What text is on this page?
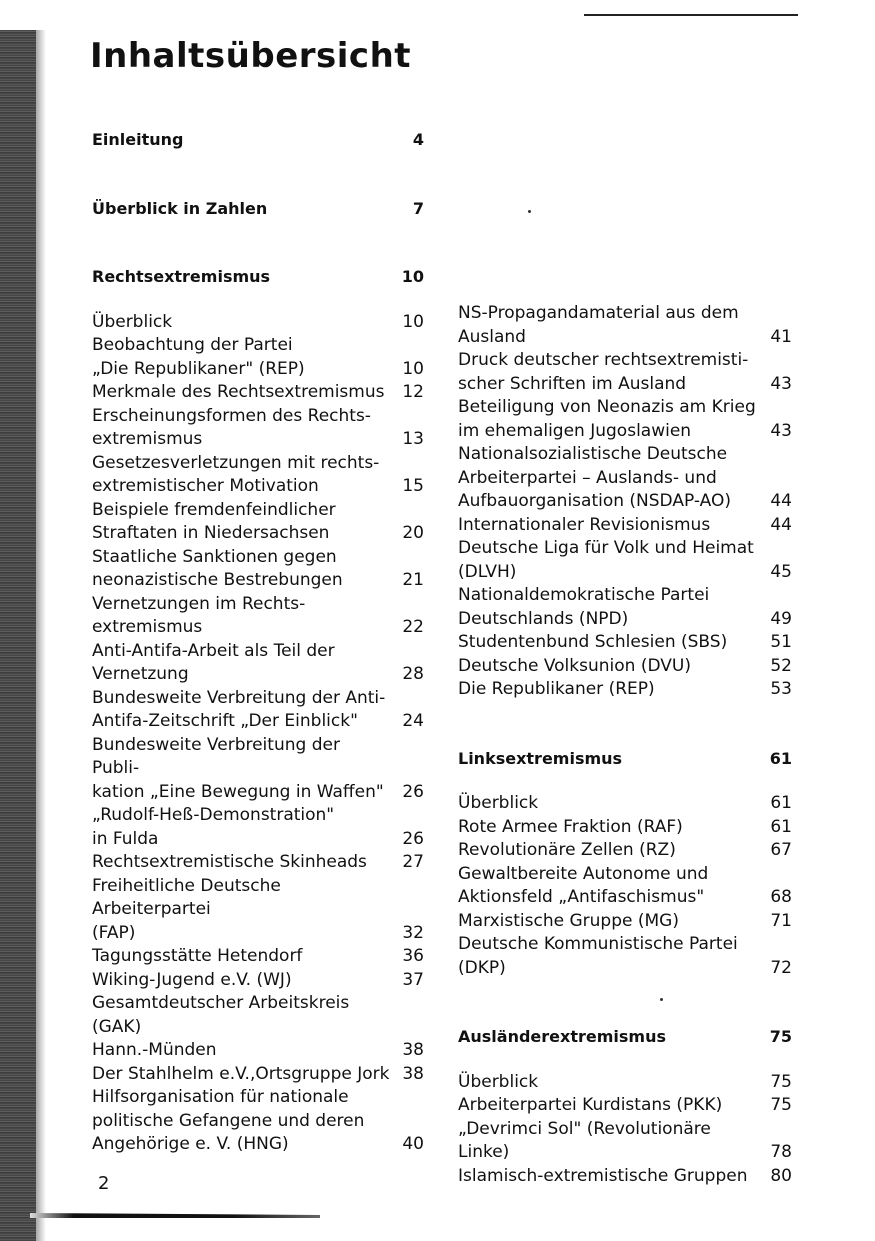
Inhaltsübersicht
Einleitung	4
Überblick in Zahlen	7
Rechtsextremismus	10
Überblick	10
Beobachtung der Partei
„Die Republikaner" (REP)	10
Merkmale des Rechtsextremismus	12
Erscheinungsformen des Rechts-
extremismus	13
Gesetzesverletzungen mit rechts-
extremistischer Motivation	15
Beispiele fremdenfeindlicher
Straftaten in Niedersachsen	20
Staatliche Sanktionen gegen
neonazistische Bestrebungen	21
Vernetzungen im Rechts-
extremismus	22
Anti-Antifa-Arbeit als Teil der
Vernetzung	28
Bundesweite Verbreitung der Anti-
Antifa-Zeitschrift „Der Einblick"	24
Bundesweite Verbreitung der Publi-
kation „Eine Bewegung in Waffen"	26
„Rudolf-Heß-Demonstration"
in Fulda	26
Rechtsextremistische Skinheads	27
Freiheitliche Deutsche Arbeiterpartei
(FAP)	32
Tagungsstätte Hetendorf	36
Wiking-Jugend e.V. (WJ)	37
Gesamtdeutscher Arbeitskreis (GAK)
Hann.-Münden	38
Der Stahlhelm e.V.,Ortsgruppe Jork 38
Hilfsorganisation für nationale
politische Gefangene und deren
Angehörige e. V. (HNG)	40
NS-Propagandamaterial aus dem
Ausland	41
Druck deutscher rechtsextremisti-
scher Schriften im Ausland	43
Beteiligung von Neonazis am Krieg
im ehemaligen Jugoslawien	43
Nationalsozialistische Deutsche
Arbeiterpartei – Auslands- und
Aufbauorganisation (NSDAP-AO)	44
Internationaler Revisionismus	44
Deutsche Liga für Volk und Heimat
(DLVH)	45
Nationaldemokratische Partei
Deutschlands (NPD)	49
Studentenbund Schlesien (SBS)	51
Deutsche Volksunion (DVU)	52
Die Republikaner (REP)	53
Linksextremismus	61
Überblick	61
Rote Armee Fraktion (RAF)	61
Revolutionäre Zellen (RZ)	67
Gewaltbereite Autonome und
Aktionsfeld „Antifaschismus"	68
Marxistische Gruppe (MG)	71
Deutsche Kommunistische Partei
(DKP)	72
Ausländerextremismus	75
Überblick	75
Arbeiterpartei Kurdistans (PKK)	75
„Devrimci Sol" (Revolutionäre Linke)	78
Islamisch-extremistische Gruppen	80
2
